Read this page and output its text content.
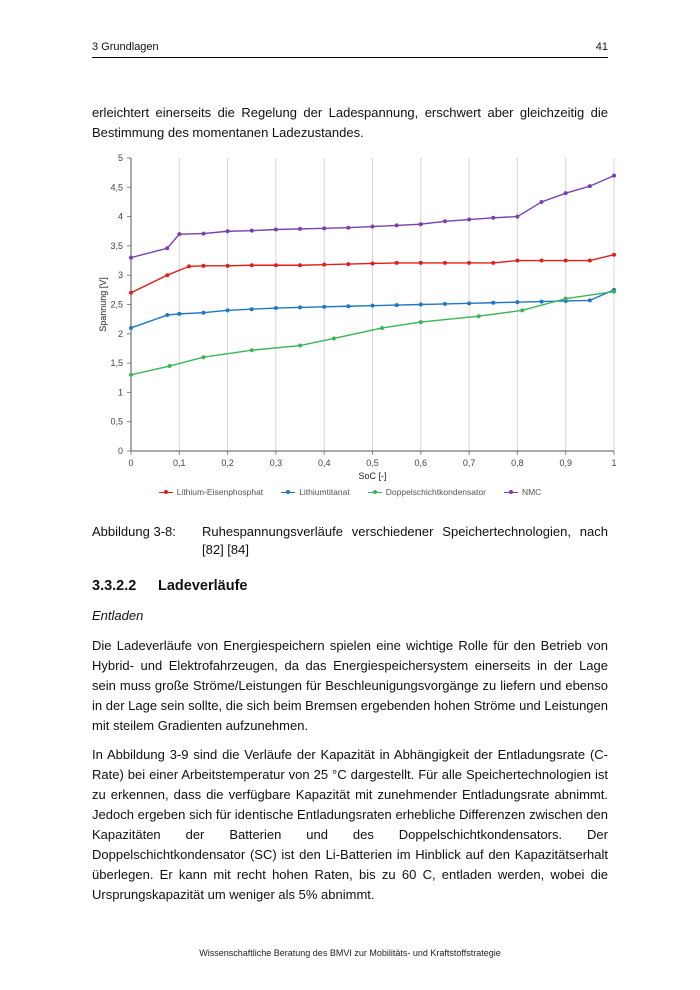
3 Grundlagen	41

erleichtert einerseits die Regelung der Ladespannung, erschwert aber gleichzeitig die Bestimmung des momentanen Ladezustandes.

0	0,1	0,2	0,3	0,4	0,5	0,6	0,7	0,8	0,9	1
0
0,5
1
1,5
2
2,5
3
3,5
4
4,5
5
SoC [-]
Spannung [V]
Lithium-Eisenphosphat	Lithiumtitanat	Doppelschichtkondensator	NMC
Abbildung 3-8:	Ruhespannungsverläufe verschiedener Speichertechnologien, nach [82] [84]
3.3.2.2	Ladeverläufe
Entladen

Die Ladeverläufe von Energiespeichern spielen eine wichtige Rolle für den Betrieb von Hybrid- und Elektrofahrzeugen, da das Energiespeichersystem einerseits in der Lage sein muss große Ströme/Leistungen für Beschleunigungsvorgänge zu liefern und ebenso in der Lage sein sollte, die sich beim Bremsen ergebenden hohen Ströme und Leistungen mit steilem Gradienten aufzunehmen.

In Abbildung 3-9 sind die Verläufe der Kapazität in Abhängigkeit der Entladungsrate (C-Rate) bei einer Arbeitstemperatur von 25 °C dargestellt. Für alle Speichertechnologien ist zu erkennen, dass die verfügbare Kapazität mit zunehmender Entladungsrate abnimmt. Jedoch ergeben sich für identische Entladungsraten erhebliche Differenzen zwischen den Kapazitäten der Batterien und des Doppelschichtkondensators. Der Doppelschichtkondensator (SC) ist den Li-Batterien im Hinblick auf den Kapazitätserhalt überlegen. Er kann mit recht hohen Raten, bis zu 60 C, entladen werden, wobei die Ursprungskapazität um weniger als 5% abnimmt.

Wissenschaftliche Beratung des BMVI zur Mobilitäts- und Kraftstoffstrategie
